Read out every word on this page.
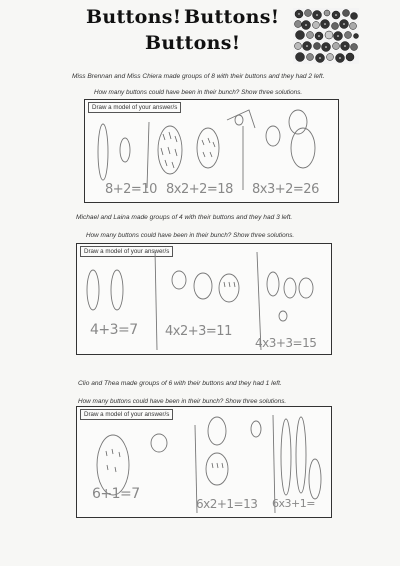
Buttons! Buttons!
Buttons!
Miss Brennan and Miss Chiera made groups of 8 with their buttons and they had 2 left.
How many buttons could have been in their bunch? Show three solutions.
Draw a model of your answer/s
8+2=10 8x2+2=18 8x3+2=26
Michael and Laina made groups of 4 with their buttons and they had 3 left.
How many buttons could have been in their bunch? Show three solutions.
Draw a model of your answer/s
4+3=7 4x2+3=11
4x3+3=15
Clio and Thea made groups of 6 with their buttons and they had 1 left.
How many buttons could have been in their bunch? Show three solutions.
Draw a model of your answer/s
6+1=7
6x2+1=13 6x3+1=
